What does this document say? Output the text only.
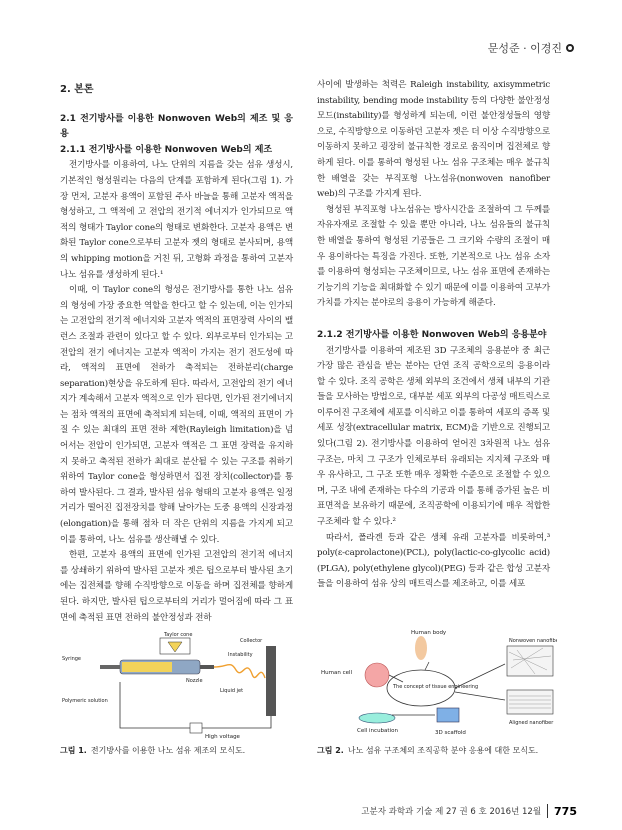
문성준 · 이경진
2. 본론
2.1 전기방사를 이용한 Nonwoven Web의 제조 및 응용
2.1.1 전기방사를 이용한 Nonwoven Web의 제조

전기방사를 이용하여, 나노 단위의 지름을 갖는 섬유 생성시, 기본적인 형성원리는 다음의 단계를 포함하게 된다(그림 1). 가장 먼저, 고분자 용액이 포함된 주사 바늘을 통해 고분자 액적을 형성하고, 그 액적에 고 전압의 전기적 에너지가 인가되므로 액적의 형태가 Taylor cone의 형태로 변화한다. 고분자 용액은 변화된 Taylor cone으로부터 고분자 젯의 형태로 분사되며, 용액의 whipping motion을 거친 뒤, 고형화 과정을 통하여 고분자 나노 섬유를 생성하게 된다.¹

이때, 이 Taylor cone의 형성은 전기방사를 통한 나노 섬유의 형성에 가장 중요한 역할을 한다고 할 수 있는데, 이는 인가되는 고전압의 전기적 에너지와 고분자 액적의 표면장력 사이의 밸런스 조절과 관련이 있다고 할 수 있다. 외부로부터 인가되는 고전압의 전기 에너지는 고분자 액적이 가지는 전기 전도성에 따라, 액적의 표면에 전하가 축적되는 전하분리(charge separation)현상을 유도하게 된다. 따라서, 고전압의 전기 에너지가 계속해서 고분자 액적으로 인가 된다면, 인가된 전기에너지는 점차 액적의 표면에 축적되게 되는데, 이때, 액적의 표면이 가질 수 있는 최대의 표면 전하 제한(Rayleigh limitation)을 넘어서는 전압이 인가되면, 고분자 액적은 그 표면 장력을 유지하지 못하고 축적된 전하가 최대로 분산될 수 있는 구조를 취하기 위하여 Taylor cone을 형성하면서 집전 장치(collector)를 통하여 발사된다. 그 결과, 발사된 섬유 형태의 고분자 용액은 일정 거리가 떨어진 집전장치를 향해 날아가는 도중 용액의 신장과정(elongation)을 통해 점차 더 작은 단위의 지름을 가지게 되고 이를 통하여, 나노 섬유를 생산해낼 수 있다.

한편, 고분자 용액의 표면에 인가된 고전압의 전기적 에너지를 상쇄하기 위하여 발사된 고분자 젯은 팁으로부터 발사된 초기에는 집전체를 향해 수직방향으로 이동을 하며 집전체를 향하게 된다. 하지만, 발사된 팁으로부터의 거리가 멀어짐에 따라 그 표면에 축적된 표면 전하의 불안정성과 전하

사이에 발생하는 척력은 Raleigh instability, axisymmetric instability, bending mode instability 등의 다양한 불안정성 모드(instability)를 형성하게 되는데, 이런 불안정성들의 영향으로, 수직방향으로 이동하던 고분자 젯은 더 이상 수직방향으로 이동하지 못하고 굉장히 불규칙한 경로로 움직이며 집전체로 향하게 된다. 이를 통하여 형성된 나노 섬유 구조체는 매우 불규칙한 배열을 갖는 부직포형 나노섬유(nonwoven nanofiber web)의 구조를 가지게 된다.

형성된 부직포형 나노섬유는 방사시간을 조절하여 그 두께를 자유자재로 조절할 수 있을 뿐만 아니라, 나노 섬유들의 불규칙한 배열을 통하여 형성된 기공들은 그 크기와 수량의 조절이 매우 용이하다는 특징을 가진다. 또한, 기본적으로 나노 섬유 소자를 이용하여 형성되는 구조체이므로, 나노 섬유 표면에 존재하는 기능기의 기능을 최대화할 수 있기 때문에 이를 이용하여 고부가가치를 가지는 분야로의 응용이 가능하게 해준다.

2.1.2 전기방사를 이용한 Nonwoven Web의 응용분야

전기방사를 이용하여 제조된 3D 구조체의 응용분야 중 최근 가장 많은 관심을 받는 분야는 단연 조직 공학으로의 응용이라 할 수 있다. 조직 공학은 생체 외부의 조건에서 생체 내부의 기관들을 모사하는 방법으로, 대부분 세포 외부의 다공성 매트릭스로 이루어진 구조체에 세포를 이식하고 이를 통하여 세포의 증폭 및 세포 성장(extracellular matrix, ECM)을 기반으로 진행되고 있다(그림 2). 전기방사를 이용하여 얻어진 3차원적 나노 섬유 구조는, 마치 그 구조가 인체로부터 유래되는 지지체 구조와 매우 유사하고, 그 구조 또한 매우 정확한 수준으로 조절할 수 있으며, 구조 내에 존재하는 다수의 기공과 이를 통해 증가된 높은 비표면적을 보유하기 때문에, 조직공학에 이용되기에 매우 적합한 구조체라 할 수 있다.²

따라서, 폴라겐 등과 같은 생체 유래 고분자를 비롯하여,³ poly(ε-caprolactone)(PCL), poly(lactic-co-glycolic acid)(PLGA), poly(ethylene glycol)(PEG) 등과 같은 합성 고분자들을 이용하여 섬유 상의 매트릭스를 제조하고, 이를 세포

Taylor cone
Syringe
Nozzle
Collector
Instability
Liquid jet
Polymeric solution
High voltage
Human body
Human cell
The concept of tissue engineering
Cell incubation	3D scaffold
Nonwoven nanofiber
Aligned nanofiber
그림 1. 전기방사를 이용한 나노 섬유 제조의 모식도.	그림 2. 나노 섬유 구조체의 조직공학 분야 응용에 대한 모식도.
고분자 과학과 기술 제 27 권 6 호 2016년 12월 775
